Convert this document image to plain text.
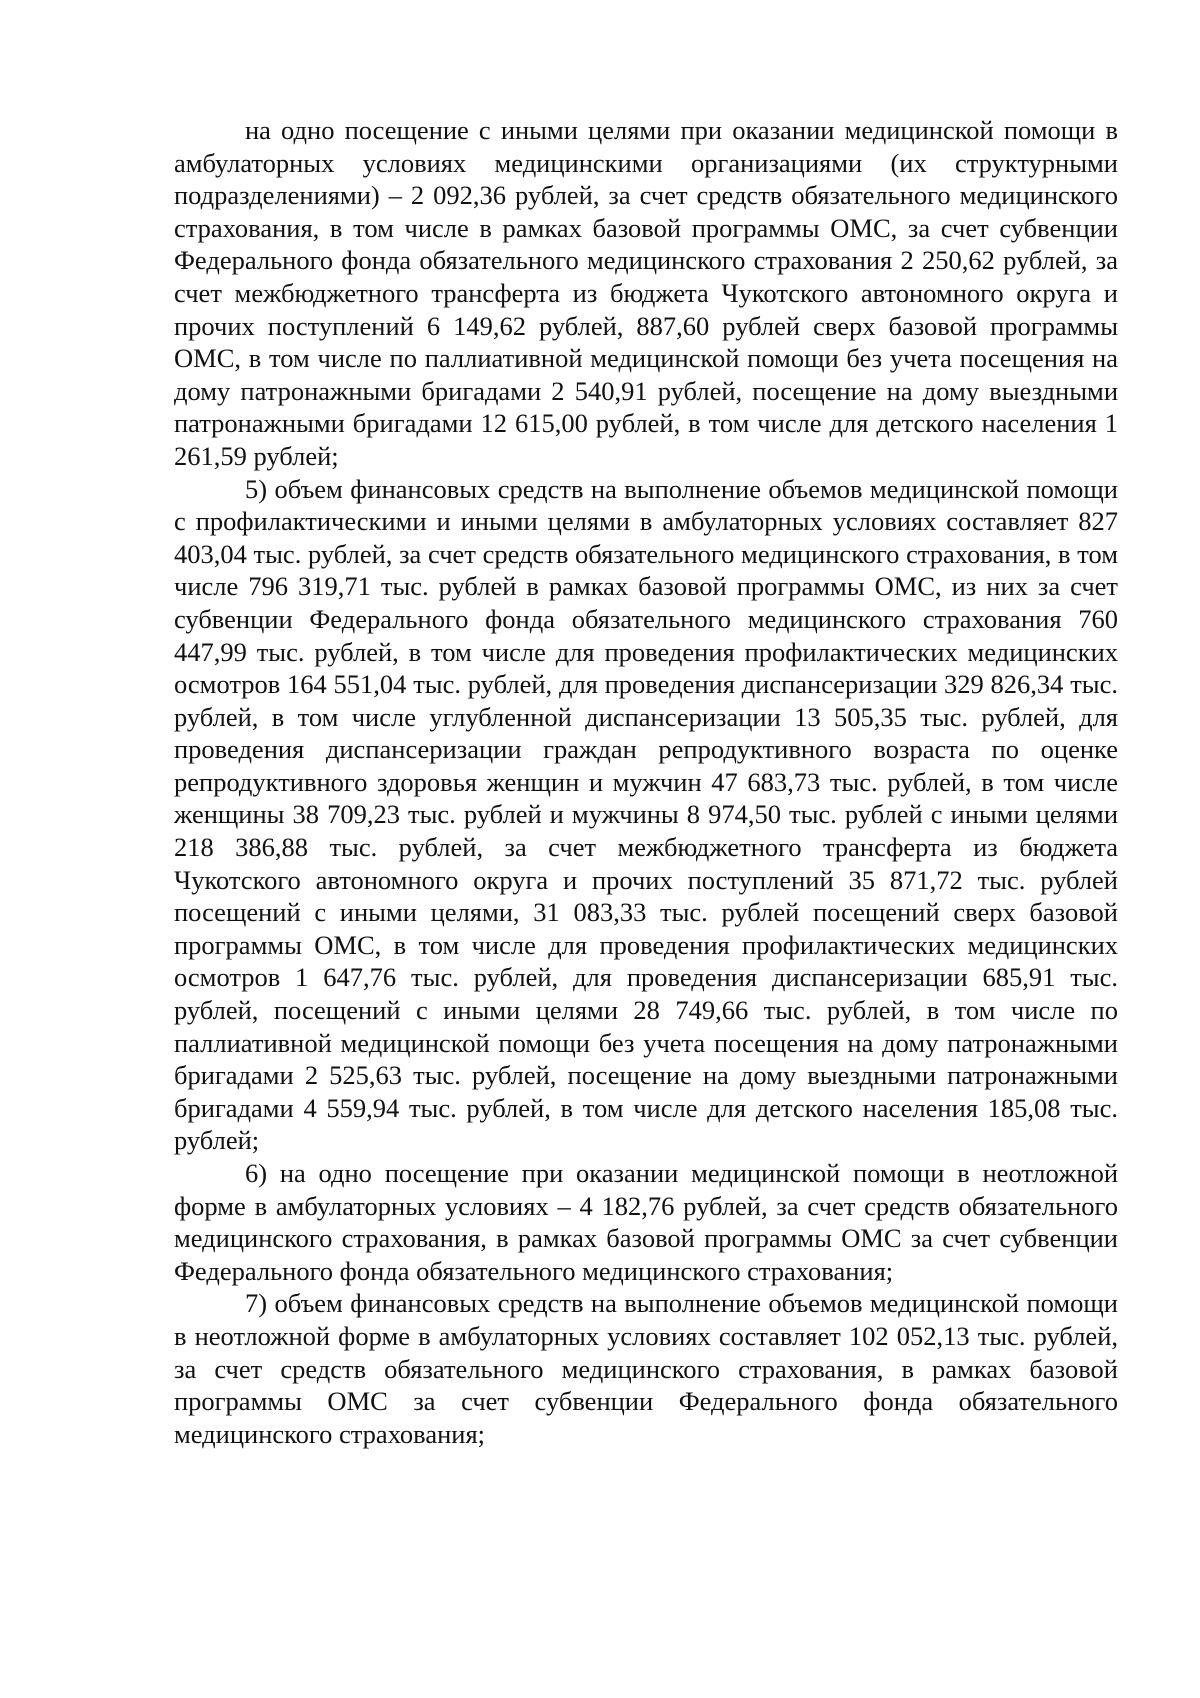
на одно посещение с иными целями при оказании медицинской помощи в амбулаторных условиях медицинскими организациями (их структурными подразделениями) – 2 092,36 рублей, за счет средств обязательного медицинского страхования, в том числе в рамках базовой программы ОМС, за счет субвенции Федерального фонда обязательного медицинского страхования 2 250,62 рублей, за счет межбюджетного трансферта из бюджета Чукотского автономного округа и прочих поступлений 6 149,62 рублей, 887,60 рублей сверх базовой программы ОМС, в том числе по паллиативной медицинской помощи без учета посещения на дому патронажными бригадами 2 540,91 рублей, посещение на дому выездными патронажными бригадами 12 615,00 рублей, в том числе для детского населения 1 261,59 рублей;

5) объем финансовых средств на выполнение объемов медицинской помощи с профилактическими и иными целями в амбулаторных условиях составляет 827 403,04 тыс. рублей, за счет средств обязательного медицинского страхования, в том числе 796 319,71 тыс. рублей в рамках базовой программы ОМС, из них за счет субвенции Федерального фонда обязательного медицинского страхования 760 447,99 тыс. рублей, в том числе для проведения профилактических медицинских осмотров 164 551,04 тыс. рублей, для проведения диспансеризации 329 826,34 тыс. рублей, в том числе углубленной диспансеризации 13 505,35 тыс. рублей, для проведения диспансеризации граждан репродуктивного возраста по оценке репродуктивного здоровья женщин и мужчин 47 683,73 тыс. рублей, в том числе женщины 38 709,23 тыс. рублей и мужчины 8 974,50 тыс. рублей с иными целями 218 386,88 тыс. рублей, за счет межбюджетного трансферта из бюджета Чукотского автономного округа и прочих поступлений 35 871,72 тыс. рублей посещений с иными целями, 31 083,33 тыс. рублей посещений сверх базовой программы ОМС, в том числе для проведения профилактических медицинских осмотров 1 647,76 тыс. рублей, для проведения диспансеризации 685,91 тыс. рублей, посещений с иными целями 28 749,66 тыс. рублей, в том числе по паллиативной медицинской помощи без учета посещения на дому патронажными бригадами 2 525,63 тыс. рублей, посещение на дому выездными патронажными бригадами 4 559,94 тыс. рублей, в том числе для детского населения 185,08 тыс. рублей;

6) на одно посещение при оказании медицинской помощи в неотложной форме в амбулаторных условиях – 4 182,76 рублей, за счет средств обязательного медицинского страхования, в рамках базовой программы ОМС за счет субвенции Федерального фонда обязательного медицинского страхования;

7) объем финансовых средств на выполнение объемов медицинской помощи в неотложной форме в амбулаторных условиях составляет 102 052,13 тыс. рублей, за счет средств обязательного медицинского страхования, в рамках базовой программы ОМС за счет субвенции Федерального фонда обязательного медицинского страхования;
